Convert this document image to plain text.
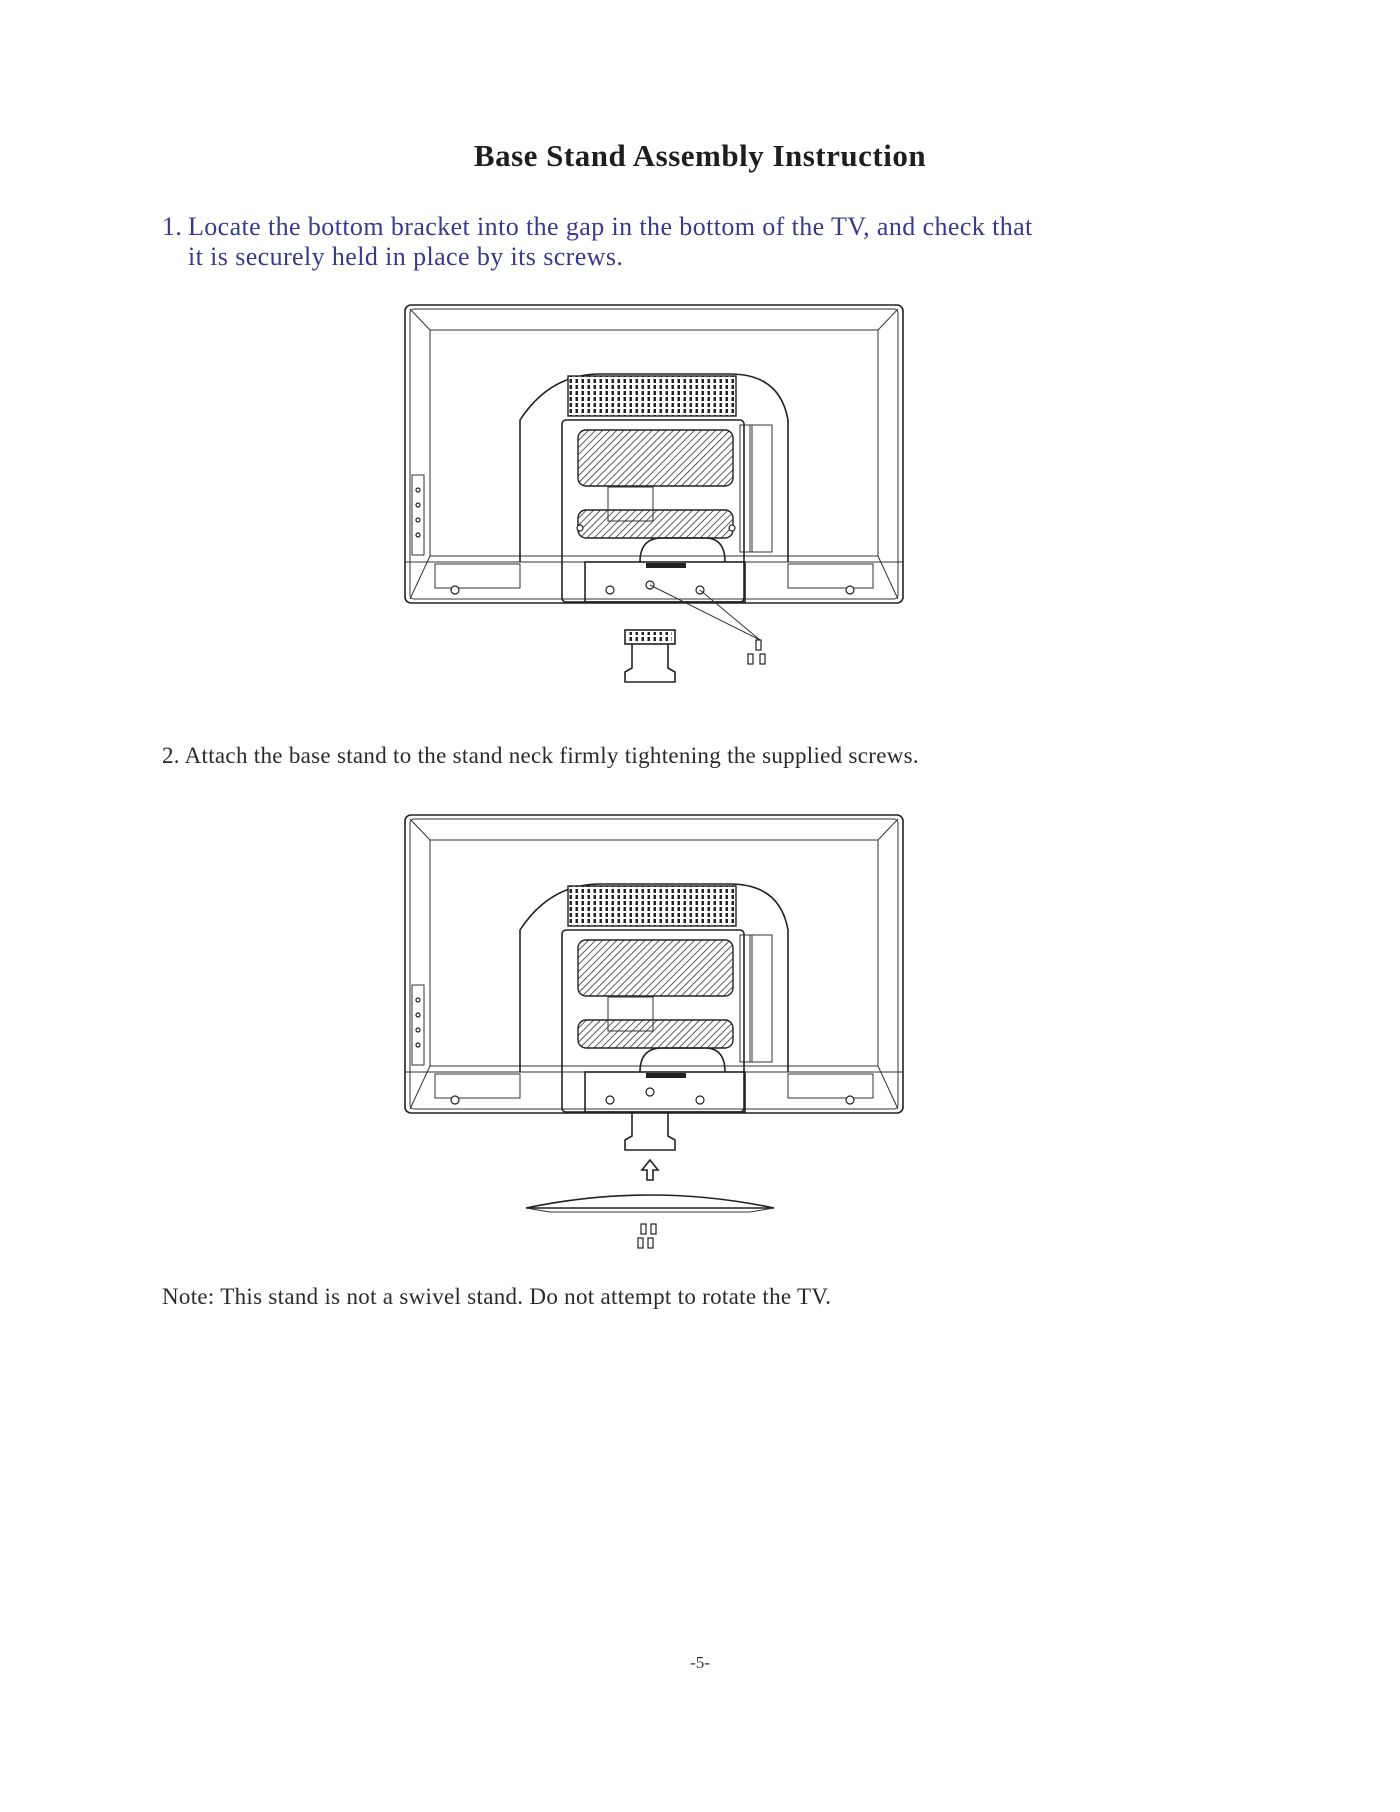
Base Stand Assembly Instruction
1. Locate the bottom bracket into the gap in the bottom of the TV, and check that
it is securely held in place by its screws.
2. Attach the base stand to the stand neck firmly tightening the supplied screws.
Note: This stand is not a swivel stand. Do not attempt to rotate the TV.
-5-
